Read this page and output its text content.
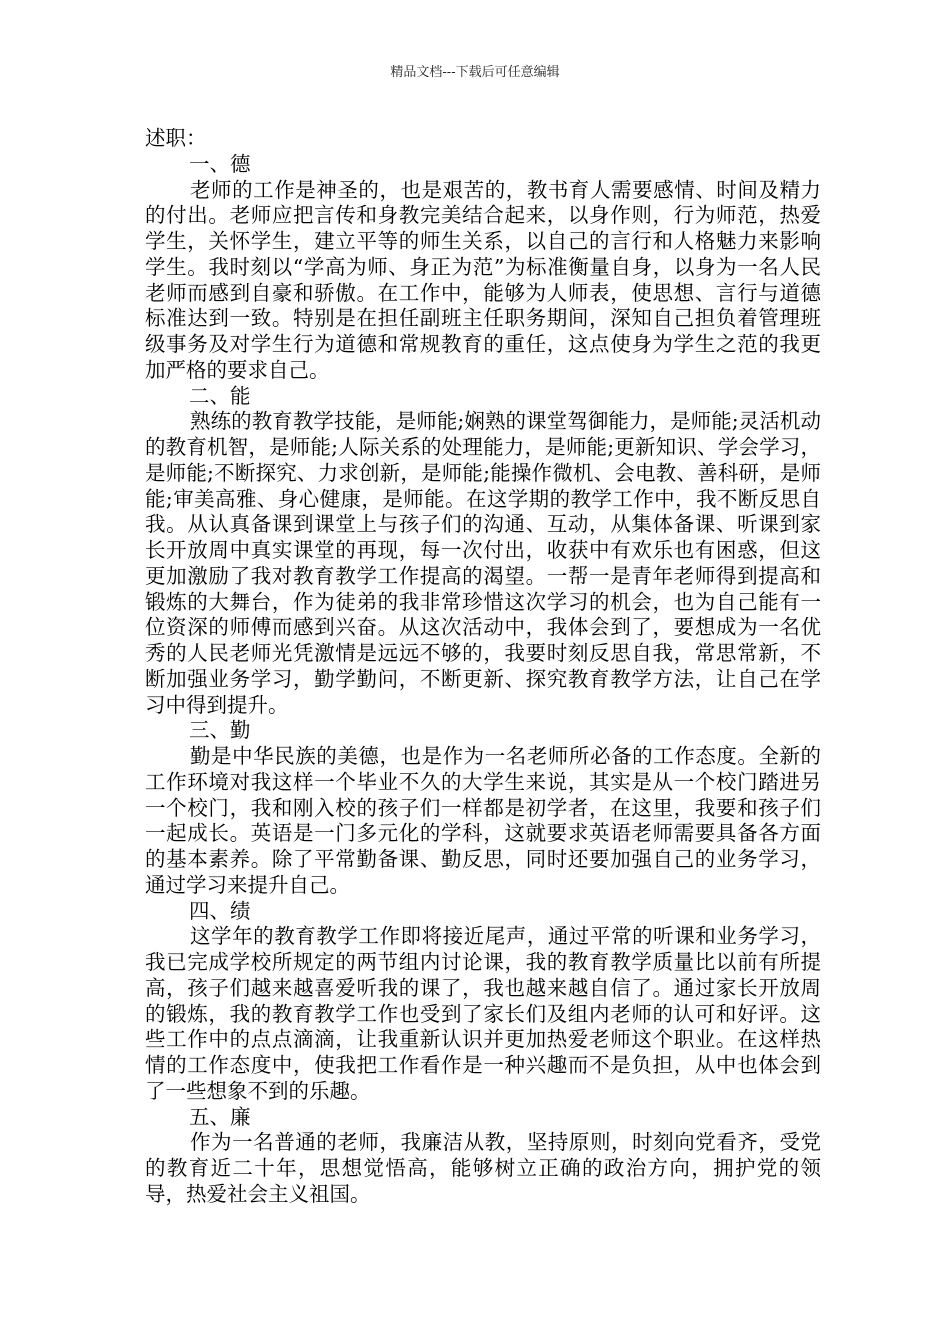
精品文档---下载后可任意编辑

述职：

一、德

老师的工作是神圣的，也是艰苦的，教书育人需要感情、时间及精力的付出。老师应把言传和身教完美结合起来，以身作则，行为师范，热爱学生，关怀学生，建立平等的师生关系，以自己的言行和人格魅力来影响学生。我时刻以“学高为师、身正为范”为标准衡量自身，以身为一名人民老师而感到自豪和骄傲。在工作中，能够为人师表，使思想、言行与道德标准达到一致。特别是在担任副班主任职务期间，深知自己担负着管理班级事务及对学生行为道德和常规教育的重任，这点使身为学生之范的我更加严格的要求自己。

二、能

熟练的教育教学技能，是师能;娴熟的课堂驾御能力，是师能;灵活机动的教育机智，是师能;人际关系的处理能力，是师能;更新知识、学会学习，是师能;不断探究、力求创新，是师能;能操作微机、会电教、善科研，是师能;审美高雅、身心健康，是师能。在这学期的教学工作中，我不断反思自我。从认真备课到课堂上与孩子们的沟通、互动，从集体备课、听课到家长开放周中真实课堂的再现，每一次付出，收获中有欢乐也有困惑，但这更加激励了我对教育教学工作提高的渴望。一帮一是青年老师得到提高和锻炼的大舞台，作为徒弟的我非常珍惜这次学习的机会，也为自己能有一位资深的师傅而感到兴奋。从这次活动中，我体会到了，要想成为一名优秀的人民老师光凭激情是远远不够的，我要时刻反思自我，常思常新，不断加强业务学习，勤学勤问，不断更新、探究教育教学方法，让自己在学习中得到提升。

三、勤

勤是中华民族的美德，也是作为一名老师所必备的工作态度。全新的工作环境对我这样一个毕业不久的大学生来说，其实是从一个校门踏进另一个校门，我和刚入校的孩子们一样都是初学者，在这里，我要和孩子们一起成长。英语是一门多元化的学科，这就要求英语老师需要具备各方面的基本素养。除了平常勤备课、勤反思，同时还要加强自己的业务学习，通过学习来提升自己。

四、绩

这学年的教育教学工作即将接近尾声，通过平常的听课和业务学习，我已完成学校所规定的两节组内讨论课，我的教育教学质量比以前有所提高，孩子们越来越喜爱听我的课了，我也越来越自信了。通过家长开放周的锻炼，我的教育教学工作也受到了家长们及组内老师的认可和好评。这些工作中的点点滴滴，让我重新认识并更加热爱老师这个职业。在这样热情的工作态度中，使我把工作看作是一种兴趣而不是负担，从中也体会到了一些想象不到的乐趣。

五、廉

作为一名普通的老师，我廉洁从教，坚持原则，时刻向党看齐，受党的教育近二十年，思想觉悟高，能够树立正确的政治方向，拥护党的领导，热爱社会主义祖国。
